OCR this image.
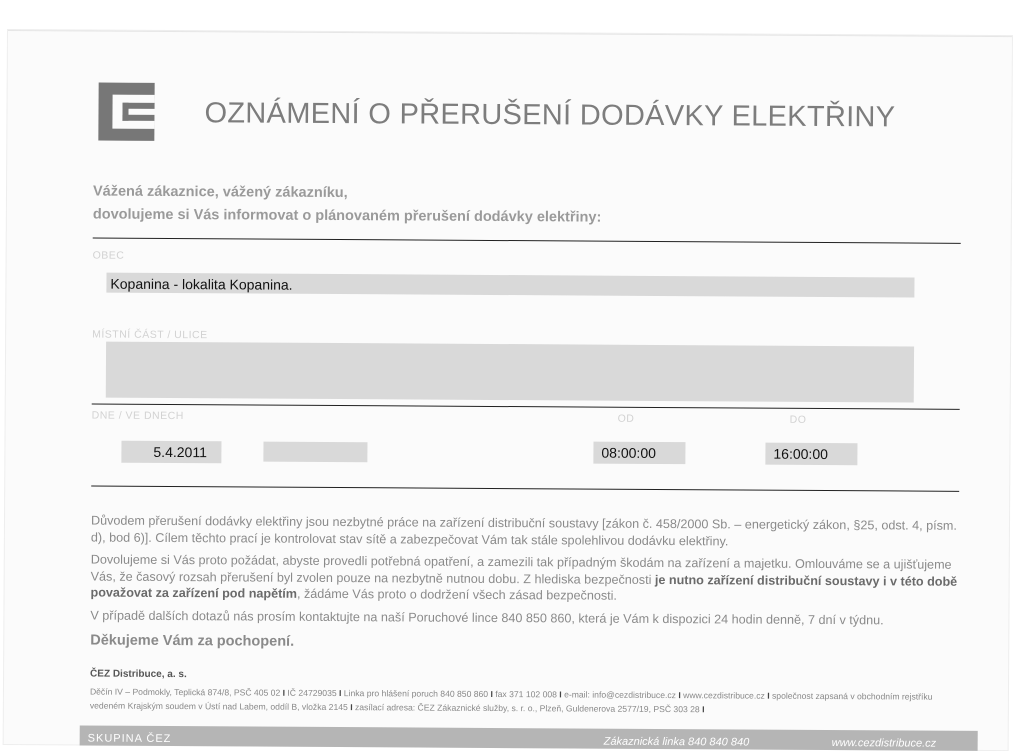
OZNÁMENÍ O PŘERUŠENÍ DODÁVKY ELEKTŘINY
Vážená zákaznice, vážený zákazníku,
dovolujeme si Vás informovat o plánovaném přerušení dodávky elektřiny:
OBEC
Kopanina - lokalita Kopanina.
MÍSTNÍ ČÁST / ULICE
DNE / VE DNECH	OD	DO
5.4.2011	08:00:00	16:00:00

Důvodem přerušení dodávky elektřiny jsou nezbytné práce na zařízení distribuční soustavy [zákon č. 458/2000 Sb. – energetický zákon, §25, odst. 4, písm. d), bod 6)]. Cílem těchto prací je kontrolovat stav sítě a zabezpečovat Vám tak stále spolehlivou dodávku elektřiny.

Dovolujeme si Vás proto požádat, abyste provedli potřebná opatření, a zamezili tak případným škodám na zařízení a majetku. Omlouváme se a ujišťujeme Vás, že časový rozsah přerušení byl zvolen pouze na nezbytně nutnou dobu. Z hlediska bezpečnosti je nutno zařízení distribuční soustavy i v této době považovat za zařízení pod napětím, žádáme Vás proto o dodržení všech zásad bezpečnosti.

V případě dalších dotazů nás prosím kontaktujte na naší Poruchové lince 840 850 860, která je Vám k dispozici 24 hodin denně, 7 dní v týdnu.

Děkujeme Vám za pochopení.
ČEZ Distribuce, a. s.
Děčín IV – Podmokly, Teplická 874/8, PSČ 405 02 I IČ 24729035 I Linka pro hlášení poruch 840 850 860 I fax 371 102 008 I e-mail: info@cezdistribuce.cz I www.cezdistribuce.cz I společnost zapsaná v obchodním rejstříku vedeném Krajským soudem v Ústí nad Labem, oddíl B, vložka 2145 I zasílací adresa: ČEZ Zákaznické služby, s. r. o., Plzeň, Guldenerova 2577/19, PSČ 303 28 I
SKUPINA ČEZ	Zákaznická linka 840 840 840	www.cezdistribuce.cz
